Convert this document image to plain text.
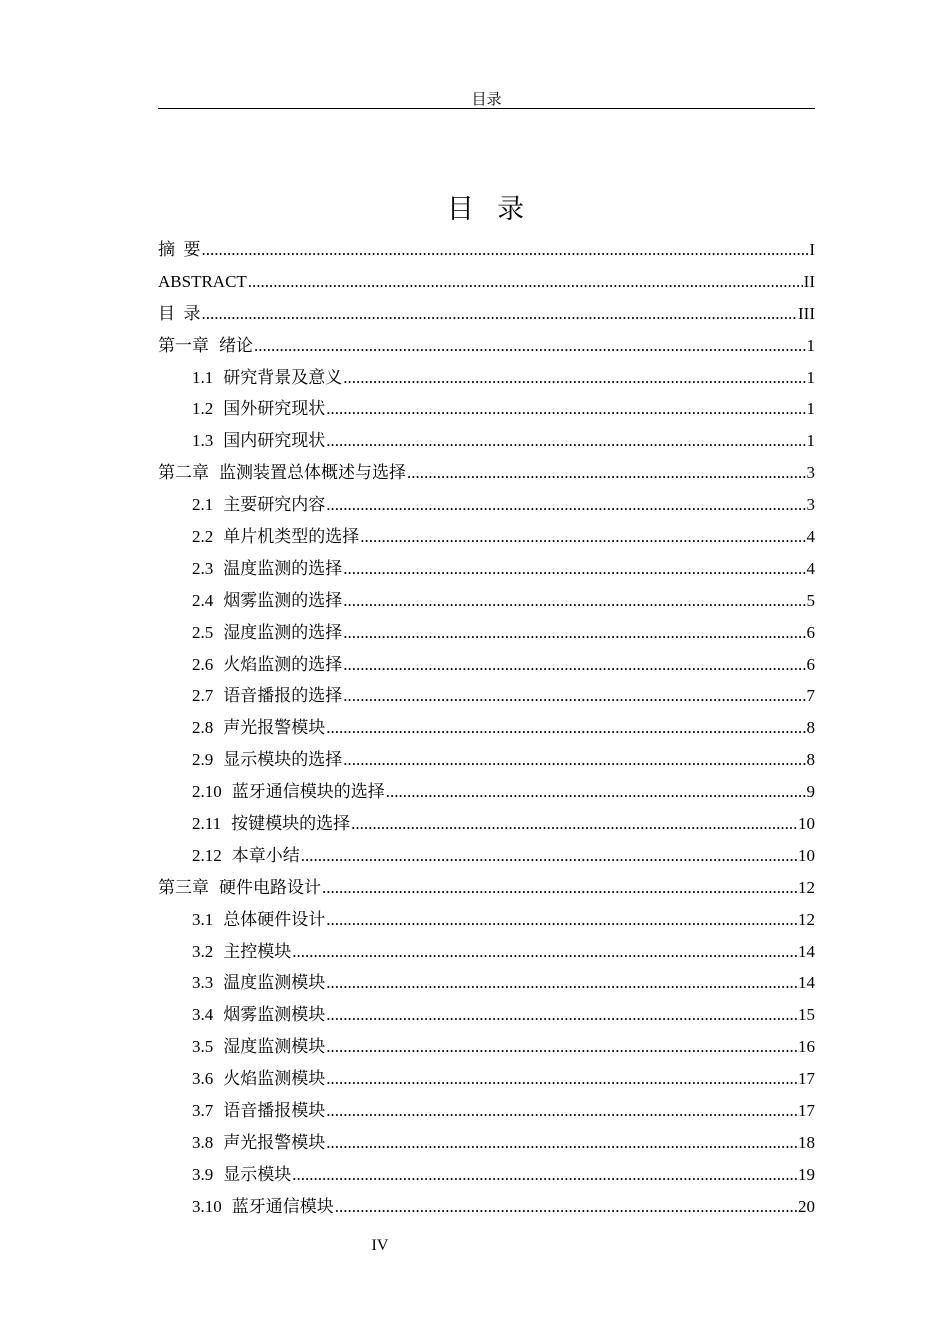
目录
目  录
摘  要 .....	I
ABSTRACT .....	II
目  录 .....	III
第一章 绪论 .....	1
1.1 研究背景及意义 .....	1
1.2 国外研究现状 .....	1
1.3 国内研究现状 .....	1
第二章 监测装置总体概述与选择 .....	3
2.1 主要研究内容 .....	3
2.2 单片机类型的选择 .....	4
2.3 温度监测的选择 .....	4
2.4 烟雾监测的选择 .....	5
2.5 湿度监测的选择 .....	6
2.6 火焰监测的选择 .....	6
2.7 语音播报的选择 .....	7
2.8 声光报警模块 .....	8
2.9 显示模块的选择 .....	8
2.10 蓝牙通信模块的选择 .....	9
2.11 按键模块的选择 .....	10
2.12 本章小结 .....	10
第三章 硬件电路设计 .....	12
3.1 总体硬件设计 .....	12
3.2 主控模块 .....	14
3.3 温度监测模块 .....	14
3.4 烟雾监测模块 .....	15
3.5 湿度监测模块 .....	16
3.6 火焰监测模块 .....	17
3.7 语音播报模块 .....	17
3.8 声光报警模块 .....	18
3.9 显示模块 .....	19
3.10 蓝牙通信模块 .....	20
IV
